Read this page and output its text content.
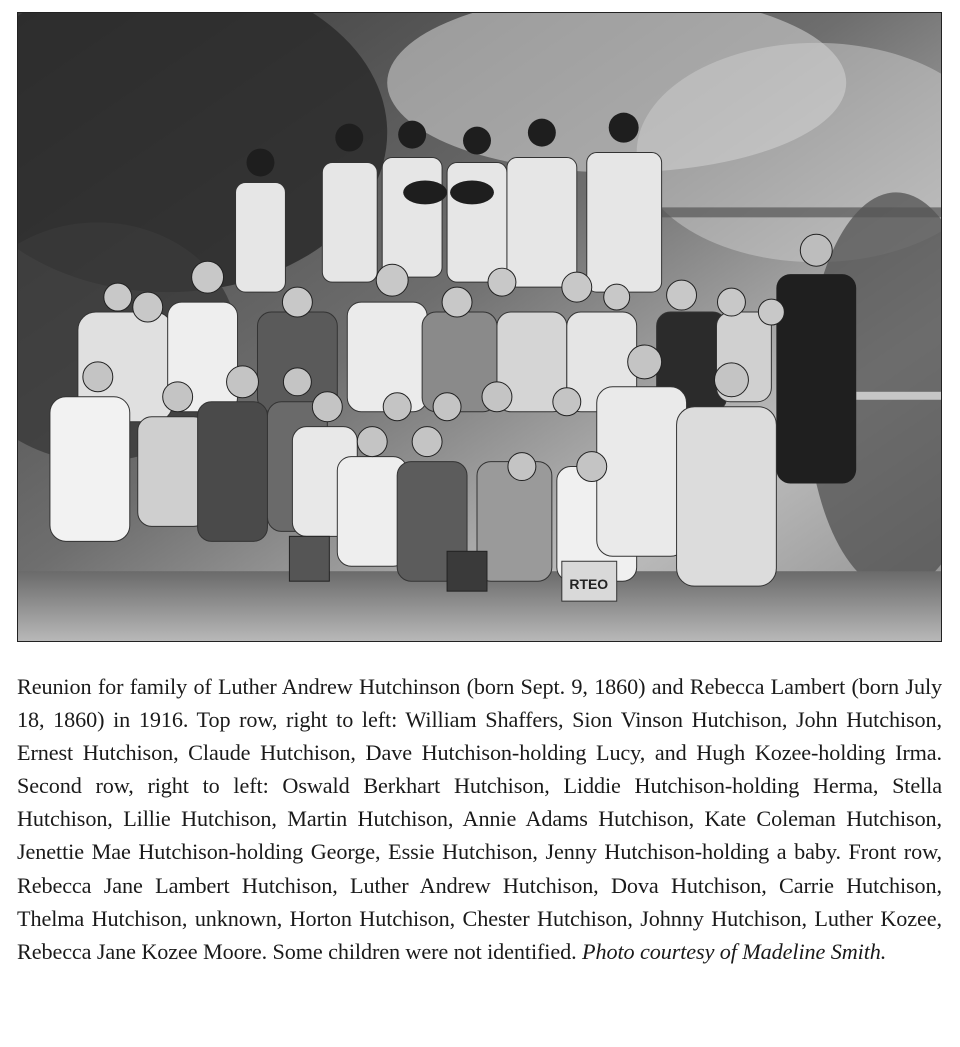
RTEO
Reunion for family of Luther Andrew Hutchinson (born Sept. 9, 1860) and Rebecca Lambert (born July 18, 1860) in 1916. Top row, right to left: William Shaffers, Sion Vinson Hutchison, John Hutchison, Ernest Hutchison, Claude Hutchison, Dave Hutchison-holding Lucy, and Hugh Kozee-holding Irma. Second row, right to left: Oswald Berkhart Hutchison, Liddie Hutchison-holding Herma, Stella Hutchison, Lillie Hutchison, Martin Hutchison, Annie Adams Hutchison, Kate Coleman Hutchison, Jenettie Mae Hutchison-holding George, Essie Hutchison, Jenny Hutchison-holding a baby. Front row, Rebecca Jane Lambert Hutchison, Luther Andrew Hutchison, Dova Hutchison, Carrie Hutchison, Thelma Hutchison, unknown, Horton Hutchison, Chester Hutchison, Johnny Hutchison, Luther Kozee, Rebecca Jane Kozee Moore. Some children were not identified. Photo courtesy of Madeline Smith.
